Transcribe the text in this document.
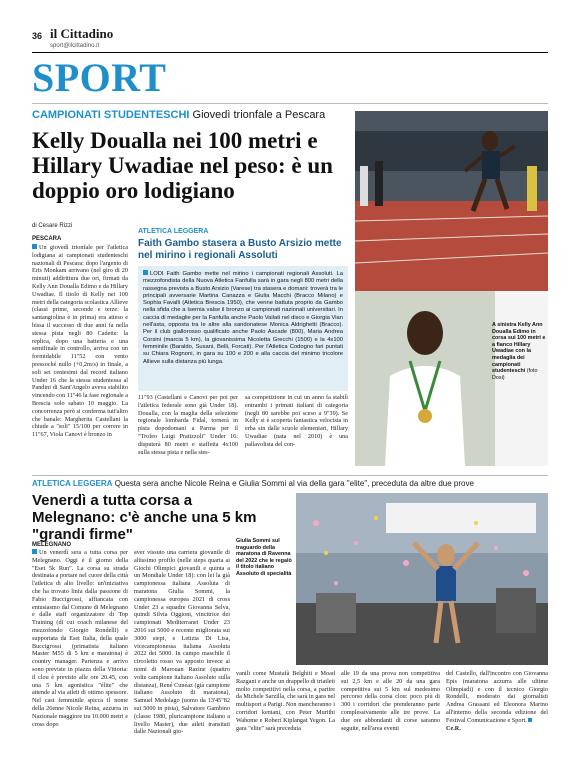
36 il Cittadino
sport@ilcittadino.it
SPORT
CAMPIONATI STUDENTESCHI Giovedì trionfale a Pescara
Kelly Doualla nei 100 metri e Hillary Uwadiae nel peso: è un doppio oro lodigiano
di Cesare Rizzi
PESCARA
Un giovedì trionfale per l'atletica lodigiana ai campionati studenteschi nazionali di Pescara: dopo l'argento di Eris Monkam arrivano (nel giro di 20 minuti) addirittura due ori, firmati da Kelly Ann Doualla Edimo e da Hillary Uwadiae. Il titolo di Kelly nei 100 metri della categoria scolastica Allieve (classi prime, seconde e terze: la santangiolina è in prima) era atteso e bissa il successo di due anni fa nella stessa pista negli 80 Cadette: la replica, dopo una batteria e una semifinale in controllo, arriva con un formidabile 11"52 con vento pressoché nullo (+0,2m/s) in finale, a soli sei centesimi dal record italiano Under 16 che la stessa studentessa al Pandini di Sant'Angelo aveva stabilito vincendo con 11"46 la fase regionale a Brescia solo sabato 10 maggio. La concorrenza però si conferma tutt'altro che banale: Margherita Castellani la chiude a "soli" 15/100 per correre in 11"67, Viola Canovi è bronzo in
ATLETICA LEGGERA
Faith Gambo stasera a Busto Arsizio mette nel mirino i regionali Assoluti
LODI Faith Gambo mette nel mirino i campionati regionali Assoluti. La mezzofondista della Nuova Atletica Fanfulla sarà in gara negli 800 metri della rassegna prevista a Busto Arsizio (Varese) tra stasera e domani: troverà tra le principali avversarie Martina Canazza e Giulia Macchi (Bracco Milano) e Sophia Favalli (Atletica Brescia 1950), che venne battuta proprio da Gambo nella sfida che a Isernia valse il bronzo ai campionati nazionali universitari. In caccia di medaglie per la Fanfulla anche Paolo Vailati nel disco e Giorgia Vian nell'asta, opposta tra le altre alla sandonatese Monica Aldrighetti (Bracco). Per il club giallorosso qualificato anche Paolo Ascade (800), Maria Andrea Corsini (marcia 5 km), la giovanissima Nicoletta Grecchi (1500) e la 4x100 femminile (Baraldo, Susani, Belli, Forcati). Per l'Atletica Codogno fari puntati su Chiara Rognoni, in gara su 100 e 200 e alla caccia del minimo tricolore Allieve sulla distanza più lunga.
11"93 (Castellani e Canovi per poi per l'atletica federale sono già Under 18). Doualla, con la maglia della selezione regionale lombarda Fidal, tornerà in pista dopodomani a Parma per il "Trofeo Luigi Pratizzoli" Under 16: disputerà 80 metri e staffetta 4x100 sulla stessa pista e nella stes-
sa competizione in cui un anno fa stabilì entrambi i primati italiani di categoria (negli 80 sarebbe poi sceso a 9"39). Se Kelly si è scoperta fantastica velocista in erba sin dalle scuole elementari, Hillary Uwadiae (nata nel 2010) è una pallavolista del con-
A sinistra Kelly Ann Doualla Edimo in corsa sui 100 metri e a fianco Hillary Uwadiae con la medaglia dei campionati studenteschi (foto Dosi)
ATLETICA LEGGERA Questa sera anche Nicole Reina e Giulia Sommi al via della gara "elite", preceduta da altre due prove
Venerdì a tutta corsa a Melegnano: c'è anche una 5 km "grandi firme"
MELEGNANO
Un venerdì sera a tutta corsa per Melegnano. Oggi è il giorno della "Eset 5k Run". La corsa su strada destinata a portare nel cuore della città l'atletica di alto livello: un'iniziativa che ha trovato linfa dalla passione di Fabio Buccigrossi, affiancata con entusiasmo dal Comune di Melegnano e dalle staff organizzatore di Top Training (di cui coach milanese del mezzofondo Giorgio Rondelli) e supportata da Eset Italia, della quale Buccigrossi (primatista italiano Master M55 di 5 km e maratona) è country manager. Partenza e arrivo sono previste in piazza della Vittoria: il clou è previsto alle ore 20.45, con una 5 km agonistica "élite" che attende al via atleti di ottimo spessore. Nel cast femminile spicca il nome della 26enne Nicole Reina, azzurra in Nazionale maggiore tra 10.000 metri e cross dopo
aver vissuto una carriera giovanile di altissimo profilo (nelle sieps quarta ai Giochi Olimpici giovanili e quinta a un Mondiale Under 18): con lei la già campionessa italiana Assoluta di maratona Giulia Sommi, la campionessa europea 2021 di cross Under 23 a squadre Giovanna Selva, quindi Silvia Oggioni, vincitrice dei campionati Mediterranei Under 23 2016 sui 5000 e recente migliorata sui 3000 siepi, e Letizia Di Lisa, vicecampionessa italiana Assoluta 2022 dei 5000. In campo maschile il circoletto rosso va apposto invece ai nomi di Marouan Razine (quattro volte campione italiano Assoluto sulla distanza), René Cunéaz (già campione italiano Assoluto di maratona), Samuel Medolago (uomo da 13'45"82 sui 5000 in pista), Salvatore Gambino (classe 1980, pluricampione italiano a livello Master), due atleti transitati dalle Nazionali gio-
Giulia Sommi sul traguardo della maratona di Ravenna del 2022 che le regalò il titolo italiano Assoluto di specialità
vanili come Mustafà Belghiti e Moad Razgani e anche un drappello di triatleti molto competitivi nella corsa, a partire da Michele Sarzilla, che sarà in gara nel multisport a Parigi. Non mancheranno i corridori keniani, con Peter Murithi Wahome e Robert Kiplangat Yegon. La gara "elite" sarà preceduta
alle 19 da una prova non competitiva sui 2,5 km e alle 20 da una gara competitiva sui 5 km sul medesimo percorso della corsa clou: poco più di 300 i corridori che prenderanno parte complessivamente alle tre prove. La due ore abbondanti di corse saranno seguite, nell'area eventi
del Castello, dall'incontro con Giovanna Epis (maratona azzurra alle ultime Olimpiadi) e con il tecnico Giorgio Rondelli, moderato dai giornalisti Andrea Grassani ed Eleonora Marino all'interno della seconda edizione del Festival Comunicazione e Sport.
Ce.R.
